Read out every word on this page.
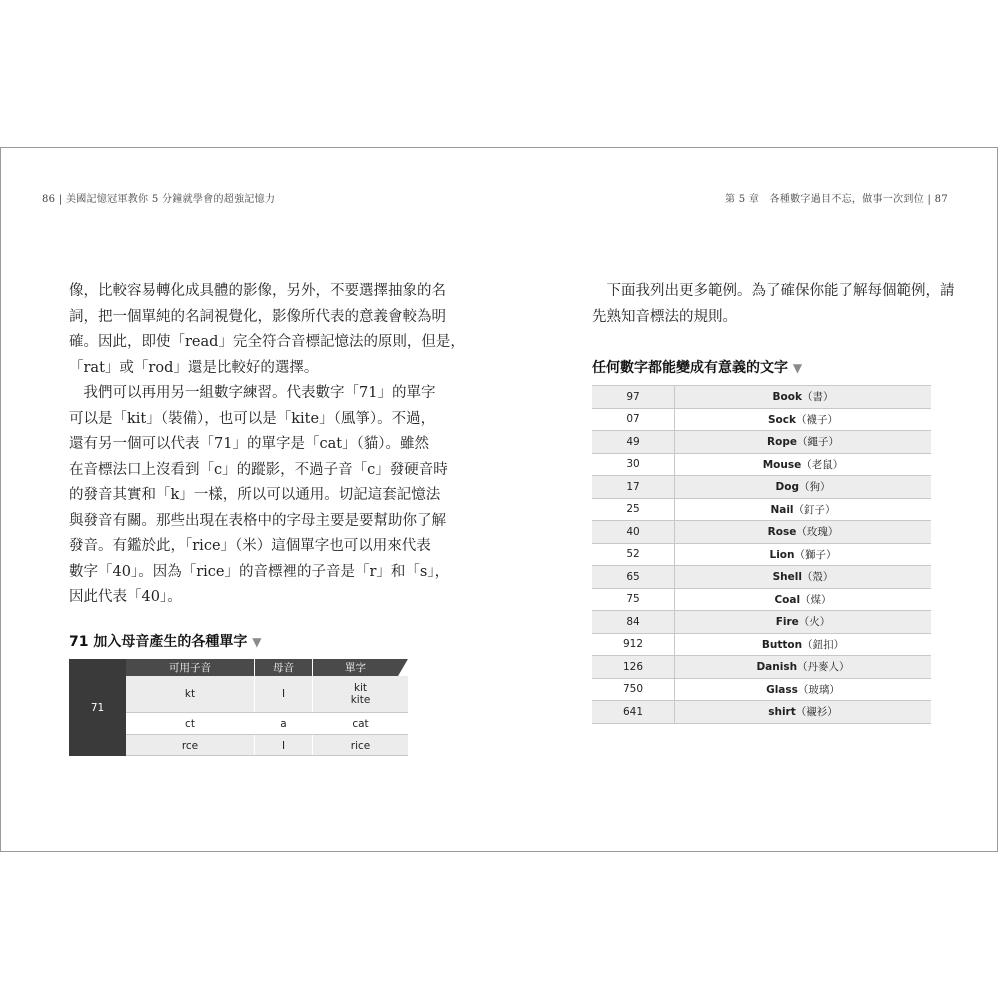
86 | 美國記憶冠軍教你 5 分鐘就學會的超強記憶力

像，比較容易轉化成具體的影像，另外，不要選擇抽象的名

詞，把一個單純的名詞視覺化，影像所代表的意義會較為明

確。因此，即使「read」完全符合音標記憶法的原則，但是，

「rat」或「rod」還是比較好的選擇。

　我們可以再用另一組數字練習。代表數字「71」的單字

可以是「kit」（裝備），也可以是「kite」（風箏）。不過，

還有另一個可以代表「71」的單字是「cat」（貓）。雖然

在音標法口上沒看到「c」的蹤影，不過子音「c」發硬音時

的發音其實和「k」一樣，所以可以通用。切記這套記憶法

與發音有關。那些出現在表格中的字母主要是要幫助你了解

發音。有鑑於此，「rice」（米）這個單字也可以用來代表

數字「40」。因為「rice」的音標裡的子音是「r」和「s」，

因此代表「40」。

71 加入母音產生的各種單字 ▼
71
可用子音	母音	單字
kt	I	kit
kite
ct	a	cat
rce	I	rice
第 5 章　各種數字過目不忘，做事一次到位 | 87

　下面我列出更多範例。為了確保你能了解每個範例，請

先熟知音標法的規則。

任何數字都能變成有意義的文字 ▼
97	Book（書）
07	Sock（襪子）
49	Rope（繩子）
30	Mouse（老鼠）
17	Dog（狗）
25	Nail（釘子）
40	Rose（玫瑰）
52	Lion（獅子）
65	Shell（殼）
75	Coal（煤）
84	Fire（火）
912	Button（鈕扣）
126	Danish（丹麥人）
750	Glass（玻璃）
641	shirt（襯衫）
